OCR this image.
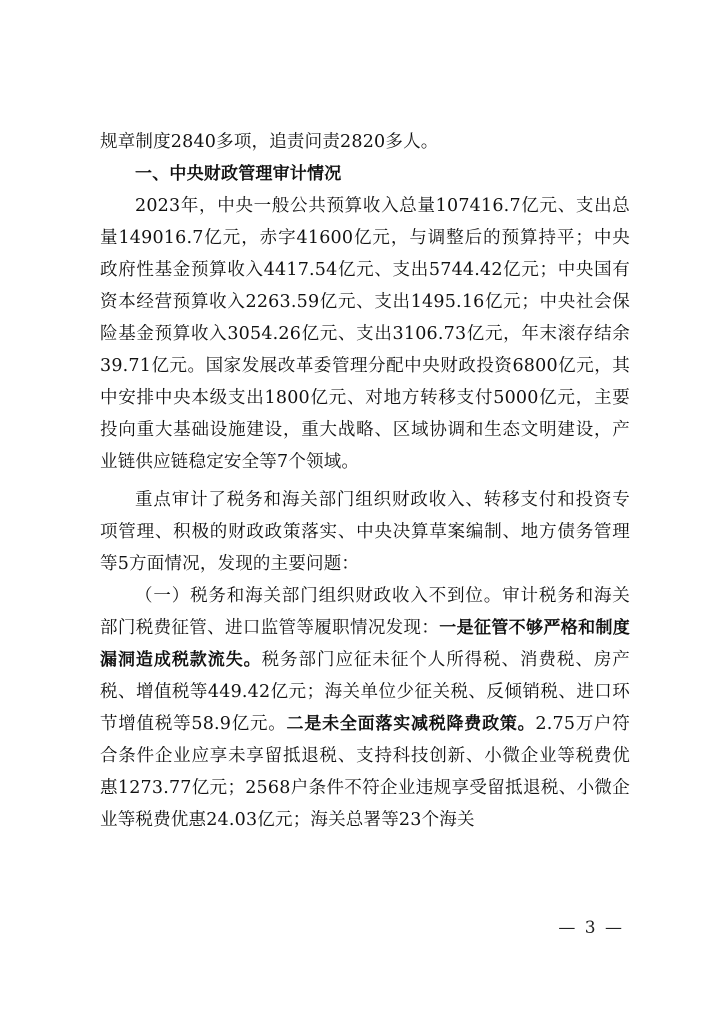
规章制度2840多项，追责问责2820多人。

一、中央财政管理审计情况

2023年，中央一般公共预算收入总量107416.7亿元、支出总量149016.7亿元，赤字41600亿元，与调整后的预算持平；中央政府性基金预算收入4417.54亿元、支出5744.42亿元；中央国有资本经营预算收入2263.59亿元、支出1495.16亿元；中央社会保险基金预算收入3054.26亿元、支出3106.73亿元，年末滚存结余39.71亿元。国家发展改革委管理分配中央财政投资6800亿元，其中安排中央本级支出1800亿元、对地方转移支付5000亿元，主要投向重大基础设施建设，重大战略、区域协调和生态文明建设，产业链供应链稳定安全等7个领域。

重点审计了税务和海关部门组织财政收入、转移支付和投资专项管理、积极的财政政策落实、中央决算草案编制、地方债务管理等5方面情况，发现的主要问题：

（一）税务和海关部门组织财政收入不到位。审计税务和海关部门税费征管、进口监管等履职情况发现：一是征管不够严格和制度漏洞造成税款流失。税务部门应征未征个人所得税、消费税、房产税、增值税等449.42亿元；海关单位少征关税、反倾销税、进口环节增值税等58.9亿元。二是未全面落实减税降费政策。2.75万户符合条件企业应享未享留抵退税、支持科技创新、小微企业等税费优惠1273.77亿元；2568户条件不符企业违规享受留抵退税、小微企业等税费优惠24.03亿元；海关总署等23个海关

— 3 —
